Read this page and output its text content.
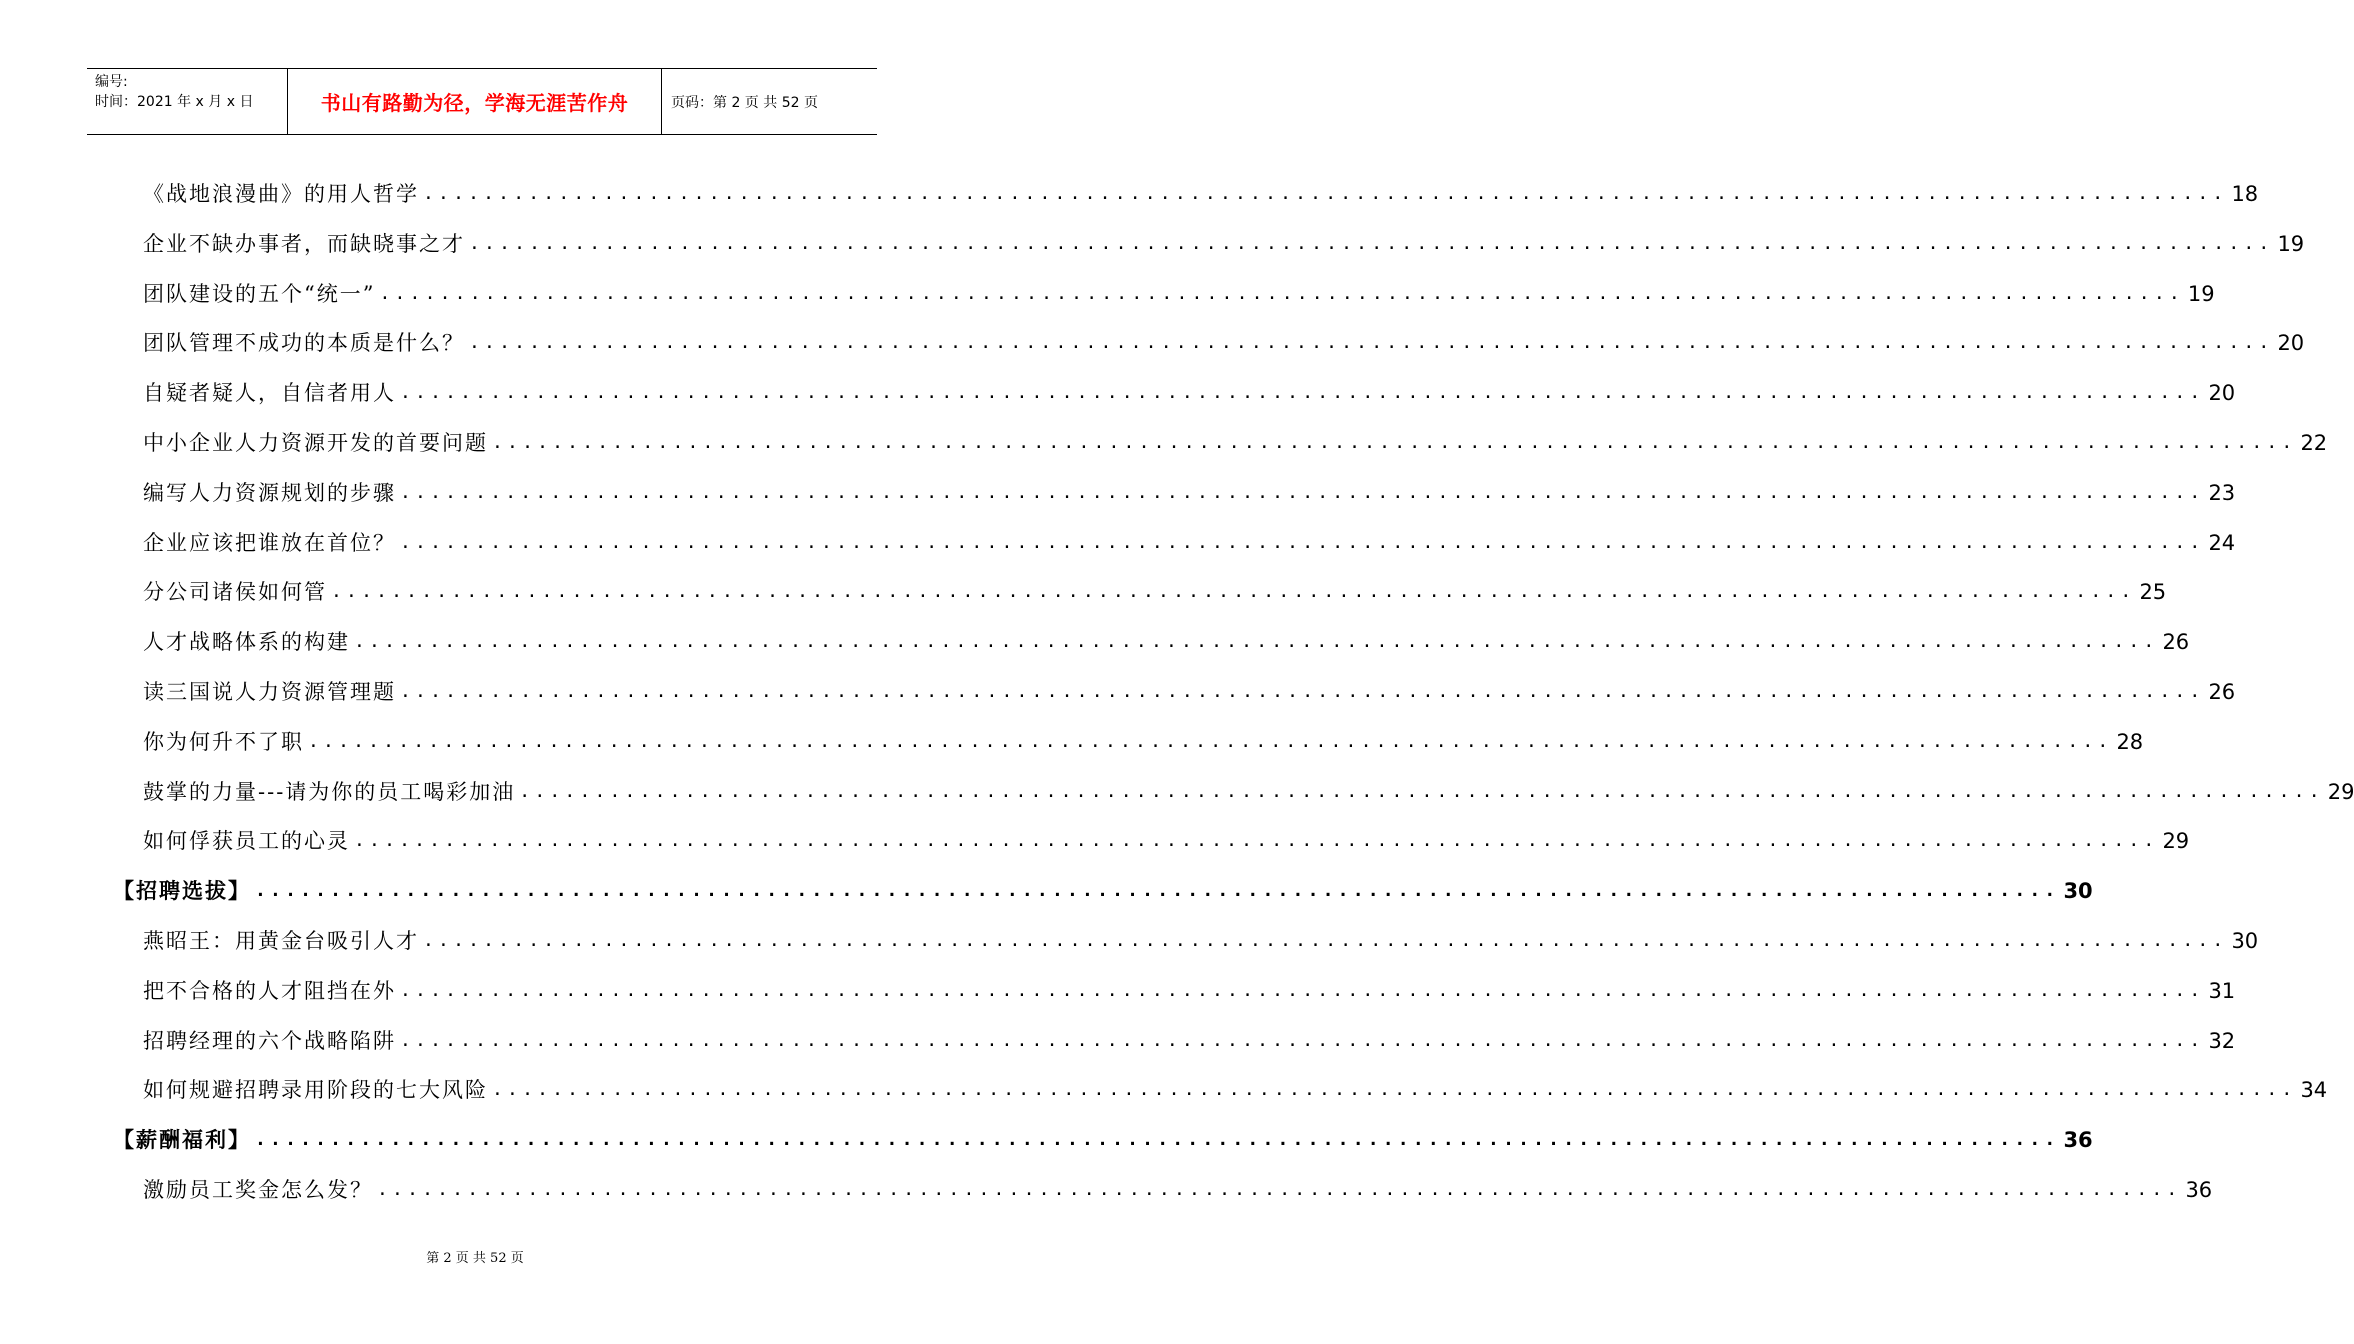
编号:
时间：2021 年 x 月 x 日	书山有路勤为径，学海无涯苦作舟	页码：第 2 页 共 52 页
《战地浪漫曲》的用人哲学 ........................................................................................................................ 18
企业不缺办事者，而缺晓事之才 ........................................................................................................................ 19
团队建设的五个“统一” ........................................................................................................................ 19
团队管理不成功的本质是什么？ ........................................................................................................................ 20
自疑者疑人，自信者用人 ........................................................................................................................ 20
中小企业人力资源开发的首要问题 ........................................................................................................................ 22
编写人力资源规划的步骤 ........................................................................................................................ 23
企业应该把谁放在首位？ ........................................................................................................................ 24
分公司诸侯如何管 ........................................................................................................................ 25
人才战略体系的构建 ........................................................................................................................ 26
读三国说人力资源管理题 ........................................................................................................................ 26
你为何升不了职 ........................................................................................................................ 28
鼓掌的力量---请为你的员工喝彩加油 ........................................................................................................................ 29
如何俘获员工的心灵 ........................................................................................................................ 29
【招聘选拔】 ........................................................................................................................ 30
燕昭王：用黄金台吸引人才 ........................................................................................................................ 30
把不合格的人才阻挡在外 ........................................................................................................................ 31
招聘经理的六个战略陷阱 ........................................................................................................................ 32
如何规避招聘录用阶段的七大风险 ........................................................................................................................ 34
【薪酬福利】 ........................................................................................................................ 36
激励员工奖金怎么发？ ........................................................................................................................ 36
第 2 页 共 52 页
